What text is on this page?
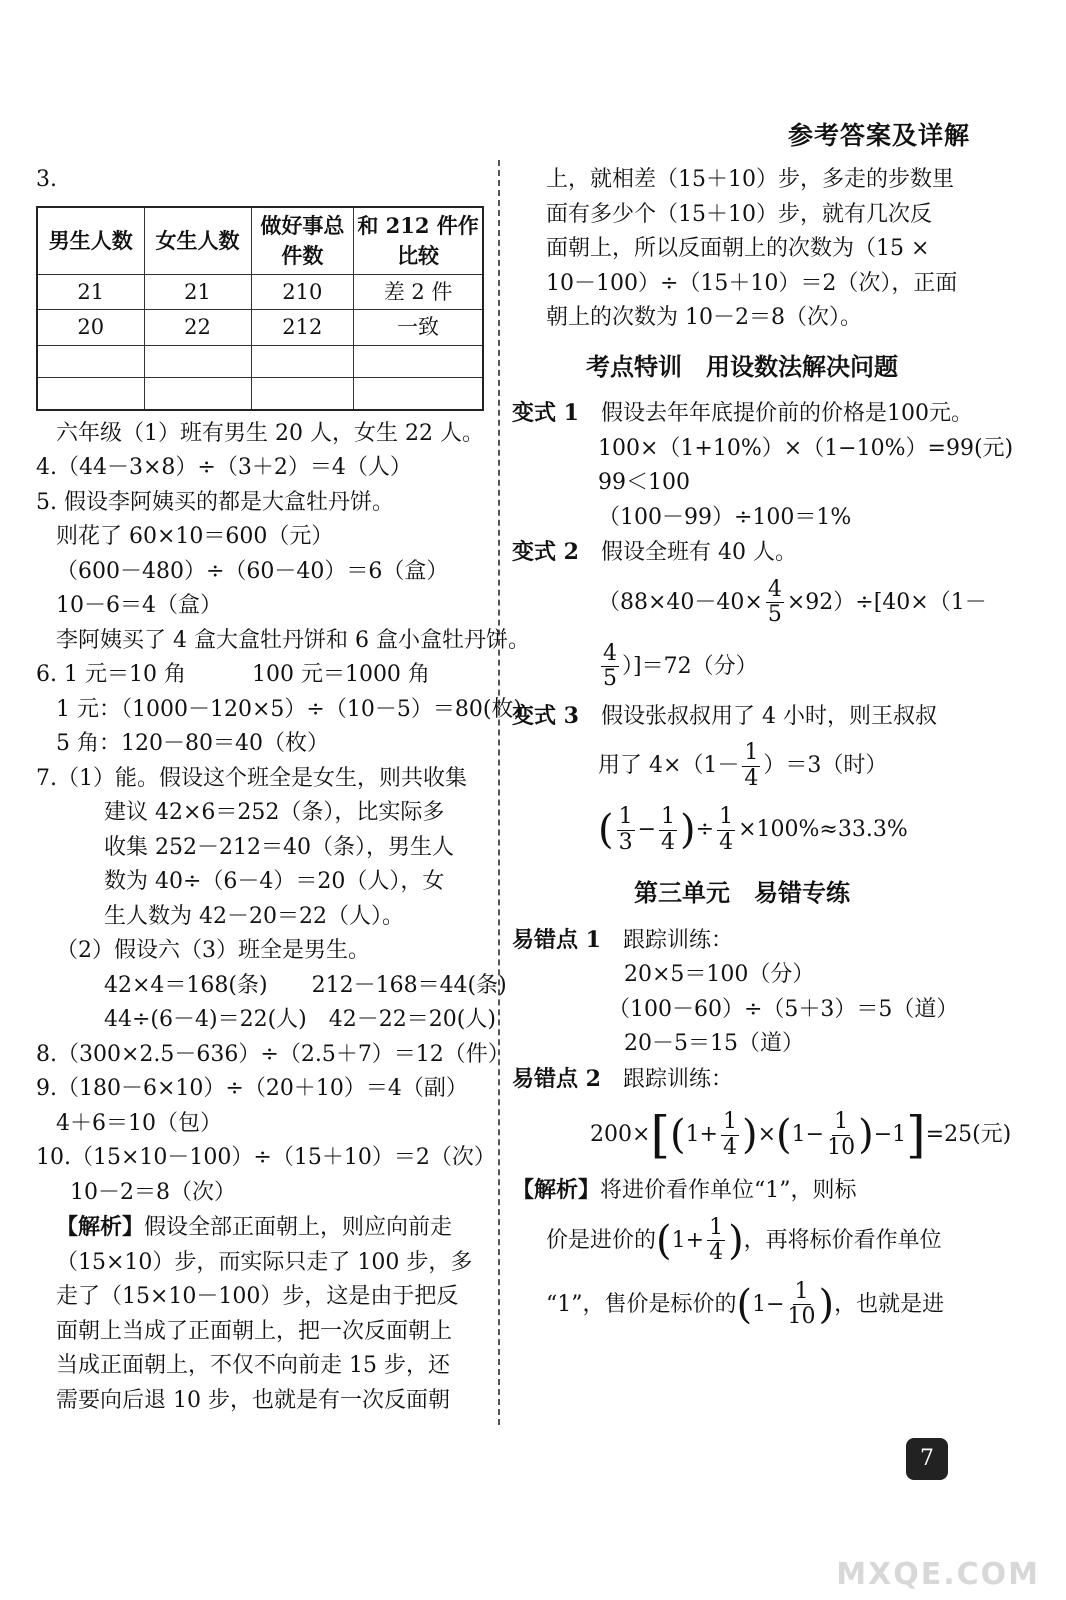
参考答案及详解
3.
男生人数	女生人数	做好事总件数	和 212 件作比较
21	21	210	差 2 件
20	22	212	一致

六年级（1）班有男生 20 人，女生 22 人。
4.（44－3×8）÷（3＋2）＝4（人）
5. 假设李阿姨买的都是大盒牡丹饼。
则花了 60×10＝600（元）
（600－480）÷（60－40）＝6（盒）
10－6＝4（盒）
李阿姨买了 4 盒大盒牡丹饼和 6 盒小盒牡丹饼。
6. 1 元＝10 角　　　100 元＝1000 角
1 元：（1000－120×5）÷（10－5）＝80(枚)
5 角：120－80＝40（枚）
7.（1）能。假设这个班全是女生，则共收集
建议 42×6＝252（条），比实际多
收集 252－212＝40（条），男生人
数为 40÷（6－4）＝20（人），女
生人数为 42－20＝22（人）。
（2）假设六（3）班全是男生。
42×4＝168(条)　　212－168＝44(条)
44÷(6－4)＝22(人)　42－22＝20(人)
8.（300×2.5－636）÷（2.5＋7）＝12（件）
9.（180－6×10）÷（20＋10）＝4（副）
4＋6＝10（包）
10.（15×10－100）÷（15＋10）＝2（次）
10－2＝8（次）
【解析】假设全部正面朝上，则应向前走
（15×10）步，而实际只走了 100 步，多
走了（15×10－100）步，这是由于把反
面朝上当成了正面朝上，把一次反面朝上
当成正面朝上，不仅不向前走 15 步，还
需要向后退 10 步，也就是有一次反面朝
上，就相差（15＋10）步，多走的步数里
面有多少个（15＋10）步，就有几次反
面朝上，所以反面朝上的次数为（15 ×
10－100）÷（15＋10）＝2（次），正面
朝上的次数为 10－2＝8（次）。
考点特训　用设数法解决问题
变式 1　 假设去年年底提价前的价格是100元。
100×（1+10%）×（1−10%）=99(元)
99＜100
（100－99）÷100＝1%
变式 2　 假设全班有 40 人。
$(88\times 40-40\times \frac{4}{5} \times 92)\div[40\times(1-$
$\frac{4}{5} )]=72$（分）
变式 3　 假设张叔叔用了 4 小时，则王叔叔
用了 $4\times(1- \frac{1}{4} )=3$（时）
( $\frac{1}{3} - \frac{1}{4}$ )÷ $\frac{1}{4} \times 100\%\approx 33.3\%$
第三单元　易错专练
易错点 1　 跟踪训练：
20×5＝100（分）
（100－60）÷（5＋3）＝5（道）
20－5＝15（道）
易错点 2　 跟踪训练：
$200\times[(1+ \frac{1}{4} )\times(1- \frac{1}{10} )-1]=25$(元)
【解析】将进价看作单位“1”，则标
价是进价的($1+ \frac{1}{4}$ )，再将标价看作单位
“1”，售价是标价的($1- \frac{1}{10}$ )，也就是进
7
MXQE.COM
